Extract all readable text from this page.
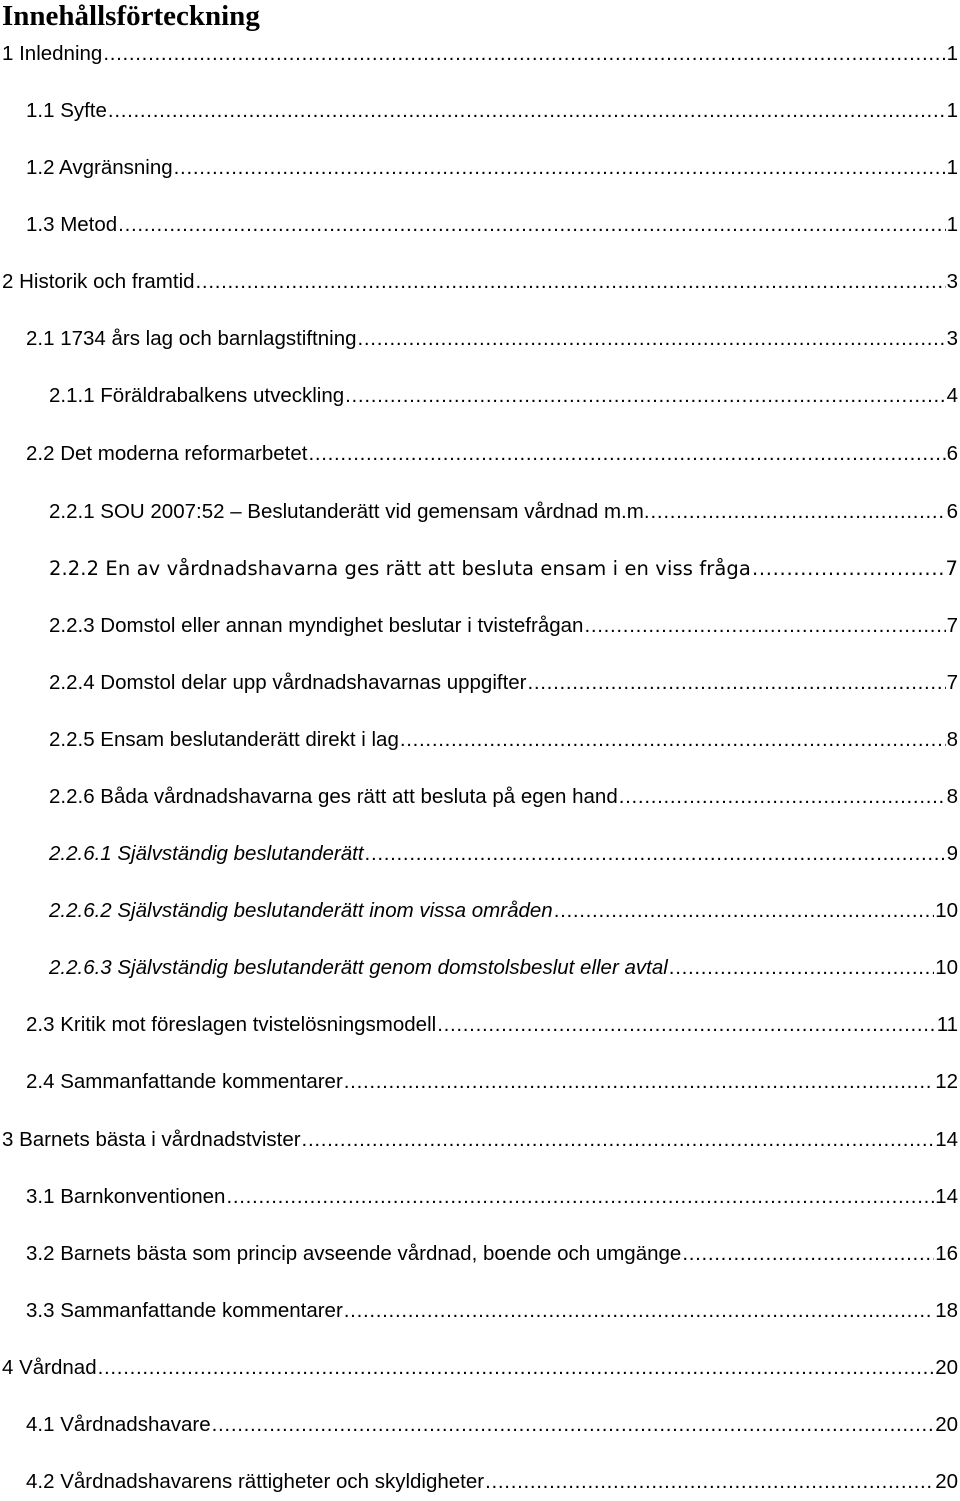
Innehållsförteckning
1 Inledning .....	1
1.1 Syfte .....	1
1.2 Avgränsning .....	1
1.3 Metod .....	1
2 Historik och framtid .....	3
2.1 1734 års lag och barnlagstiftning .....	3
2.1.1 Föräldrabalkens utveckling .....	4
2.2 Det moderna reformarbetet .....	6
2.2.1 SOU 2007:52 – Beslutanderätt vid gemensam vårdnad m.m. .....	6
2.2.2 En av vårdnadshavarna ges rätt att besluta ensam i en viss fråga .....	7
2.2.3 Domstol eller annan myndighet beslutar i tvistefrågan .....	7
2.2.4 Domstol delar upp vårdnadshavarnas uppgifter .....	7
2.2.5 Ensam beslutanderätt direkt i lag .....	8
2.2.6 Båda vårdnadshavarna ges rätt att besluta på egen hand .....	8
2.2.6.1 Självständig beslutanderätt .....	9
2.2.6.2 Självständig beslutanderätt inom vissa områden .....	10
2.2.6.3 Självständig beslutanderätt genom domstolsbeslut eller avtal .....	10
2.3 Kritik mot föreslagen tvistelösningsmodell .....	11
2.4 Sammanfattande kommentarer .....	12
3 Barnets bästa i vårdnadstvister .....	14
3.1 Barnkonventionen .....	14
3.2 Barnets bästa som princip avseende vårdnad, boende och umgänge .....	16
3.3 Sammanfattande kommentarer .....	18
4 Vårdnad .....	20
4.1 Vårdnadshavare .....	20
4.2 Vårdnadshavarens rättigheter och skyldigheter .....	20
